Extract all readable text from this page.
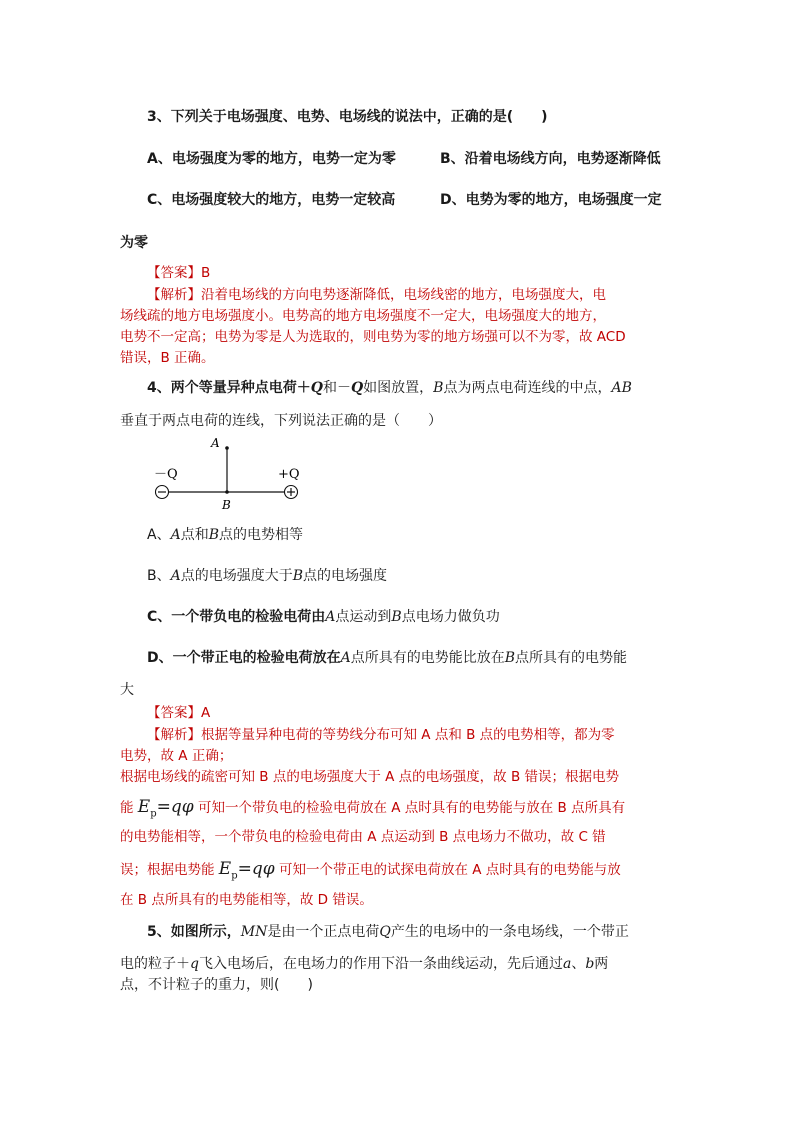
3、下列关于电场强度、电势、电场线的说法中，正确的是(　　)
A、电场强度为零的地方，电势一定为零	B、沿着电场线方向，电势逐渐降低
C、电场强度较大的地方，电势一定较高	D、电势为零的地方，电场强度一定
为零
【答案】B
【解析】沿着电场线的方向电势逐渐降低，电场线密的地方，电场强度大，电
场线疏的地方电场强度小。电势高的地方电场强度不一定大，电场强度大的地方，
电势不一定高；电势为零是人为选取的，则电势为零的地方场强可以不为零，故 ACD
错误，B 正确。
4、两个等量异种点电荷＋Q和－Q如图放置，B点为两点电荷连线的中点，AB
垂直于两点电荷的连线，下列说法正确的是（　　）
A
B
－Q	+Q
A、A点和B点的电势相等
B、A点的电场强度大于B点的电场强度
C、一个带负电的检验电荷由A点运动到B点电场力做负功
D、一个带正电的检验电荷放在A点所具有的电势能比放在B点所具有的电势能
大
【答案】A
【解析】根据等量异种电荷的等势线分布可知 A 点和 B 点的电势相等，都为零
电势，故 A 正确；
根据电场线的疏密可知 B 点的电场强度大于 A 点的电场强度，故 B 错误；根据电势
能 $E_p=q\varphi$ 可知一个带负电的检验电荷放在 A 点时具有的电势能与放在 B 点所具有
的电势能相等，一个带负电的检验电荷由 A 点运动到 B 点电场力不做功，故 C 错
误；根据电势能 $E_p=q\varphi$ 可知一个带正电的试探电荷放在 A 点时具有的电势能与放
在 B 点所具有的电势能相等，故 D 错误。
5、如图所示，MN是由一个正点电荷Q产生的电场中的一条电场线，一个带正
电的粒子＋q飞入电场后，在电场力的作用下沿一条曲线运动，先后通过a、b两
点，不计粒子的重力，则(　　)
